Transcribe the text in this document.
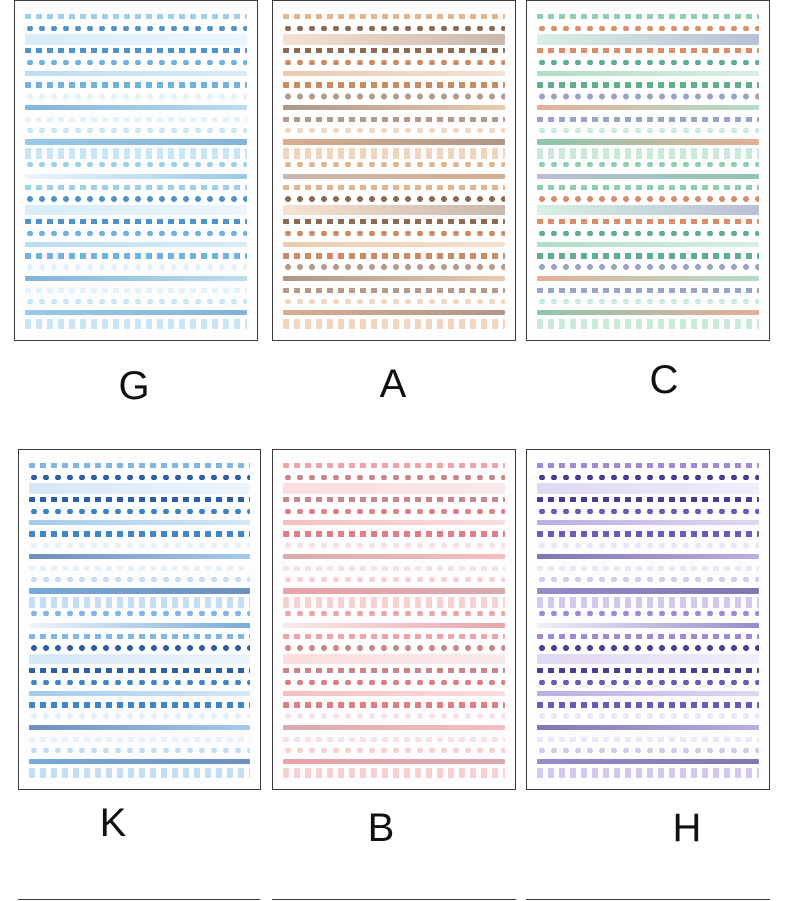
G	A	C
K	B	H
